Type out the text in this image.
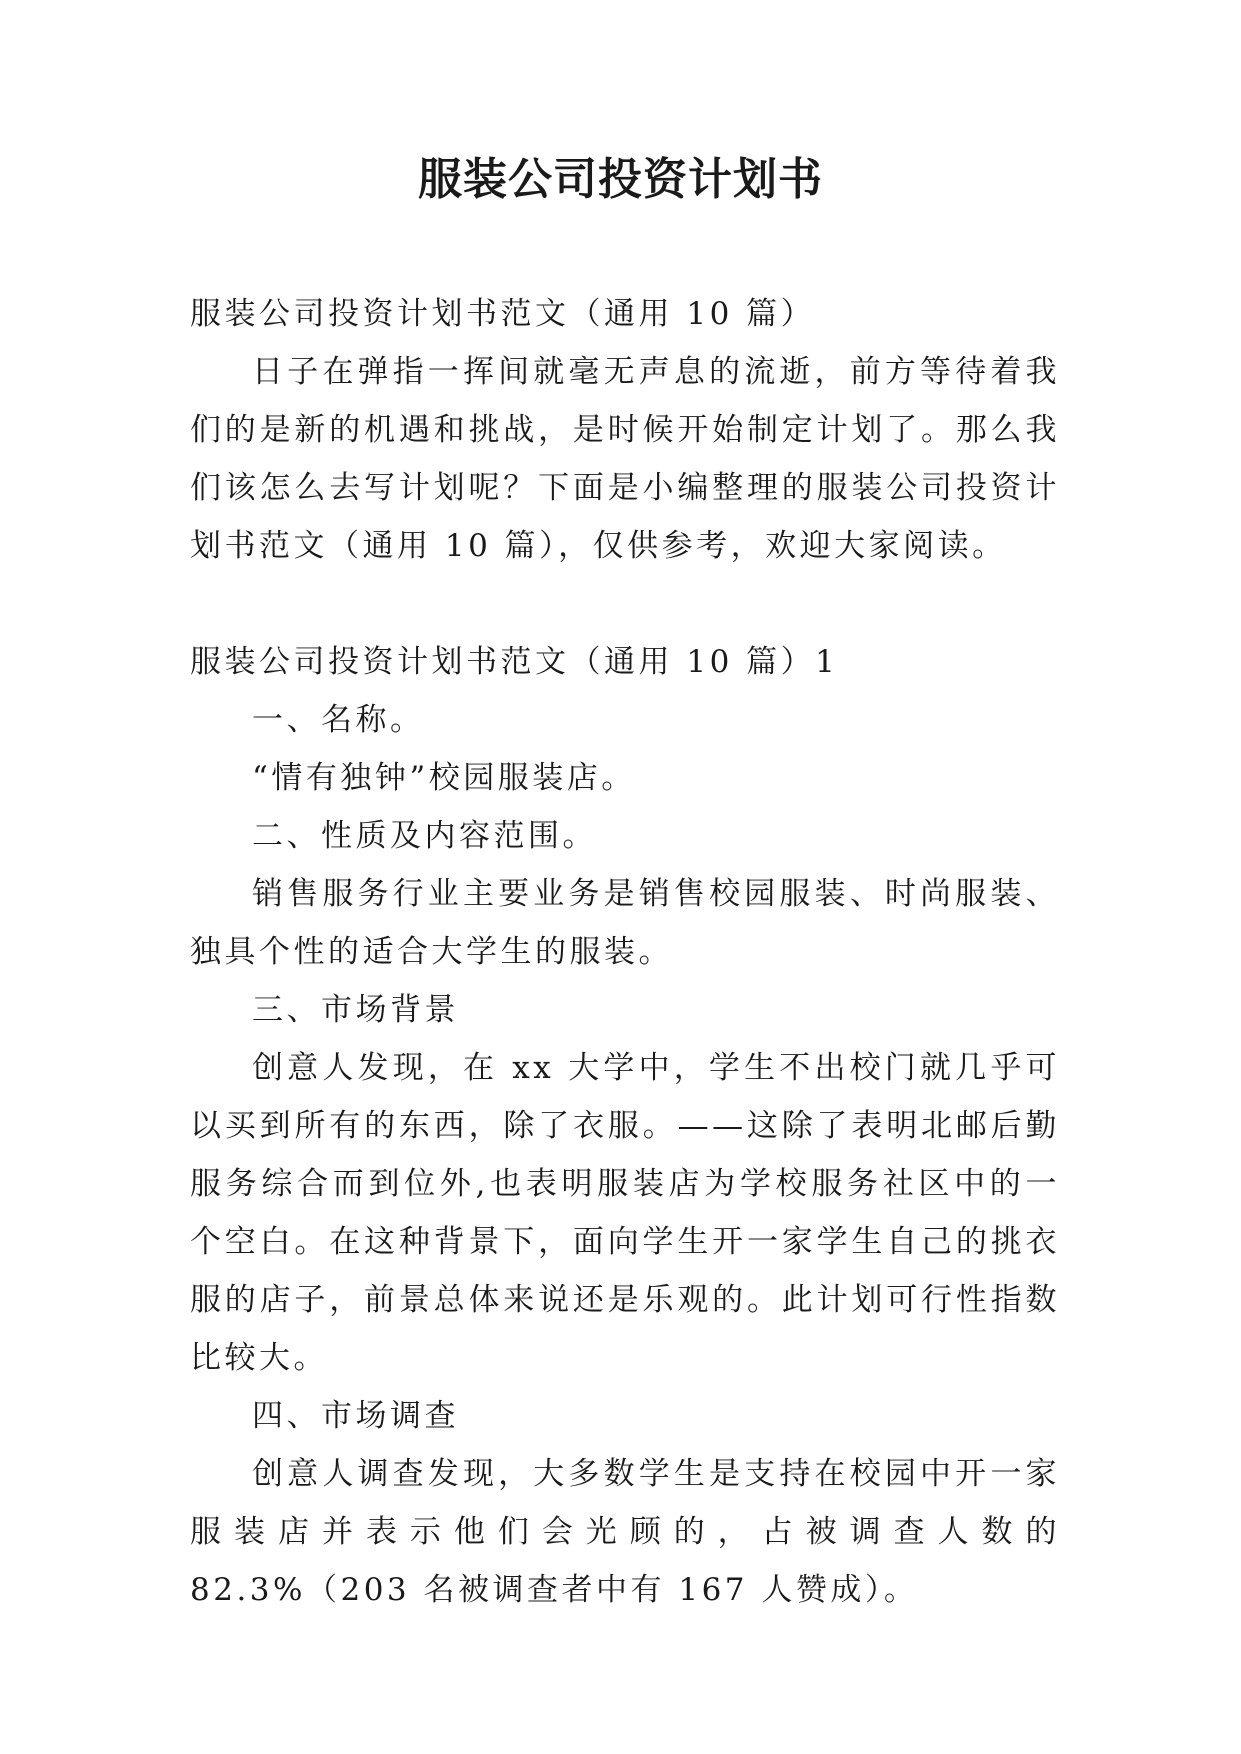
服装公司投资计划书

服装公司投资计划书范文（通用 10 篇）

日子在弹指一挥间就毫无声息的流逝，前方等待着我们的是新的机遇和挑战，是时候开始制定计划了。那么我们该怎么去写计划呢？下面是小编整理的服装公司投资计划书范文（通用 10 篇），仅供参考，欢迎大家阅读。

服装公司投资计划书范文（通用 10 篇）1

一、名称。

“情有独钟”校园服装店。

二、性质及内容范围。

销售服务行业主要业务是销售校园服装、时尚服装、独具个性的适合大学生的服装。

三、市场背景

创意人发现，在 xx 大学中，学生不出校门就几乎可以买到所有的东西，除了衣服。——这除了表明北邮后勤服务综合而到位外,也表明服装店为学校服务社区中的一个空白。在这种背景下，面向学生开一家学生自己的挑衣服的店子，前景总体来说还是乐观的。此计划可行性指数比较大。

四、市场调查

创意人调查发现，大多数学生是支持在校园中开一家服装店并表示他们会光顾的，占被调查人数的 82.3%（203 名被调查者中有 167 人赞成）。
